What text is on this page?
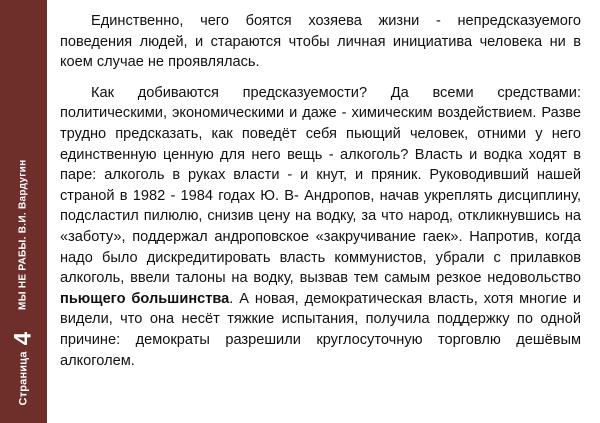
Страница
4
МЫ НЕ РАБЫ. В.И. Варду​гин

Единственно, чего боятся хозяева жизни - непредсказуемого поведения людей, и стараются чтобы личная инициатива человека ни в коем случае не проявлялась.

Как добиваются предсказуемости? Да всеми средствами: политическими, экономическими и даже - химическим воздействием. Разве трудно предсказать, как поведёт себя пьющий человек, отними у него единственную ценную для него вещь - алкоголь? Власть и водка ходят в паре: алкоголь в руках власти - и кнут, и пряник. Руководивший нашей страной в 1982 - 1984 годах Ю. В- Андропов, начав укреплять дисциплину, подсластил пилюлю, снизив цену на водку, за что народ, откликнувшись на «заботу», поддержал андроповское «закручивание гаек». Напротив, когда надо было дискредитировать власть коммунистов, убрали с прилавков алкоголь, ввели талоны на водку, вызвав тем самым резкое недовольство пьющего большинства. А новая, демократическая власть, хотя многие и видели, что она несёт тяжкие испытания, получила поддержку по одной причине: демократы разрешили круглосуточную торговлю дешёвым алкоголем.
